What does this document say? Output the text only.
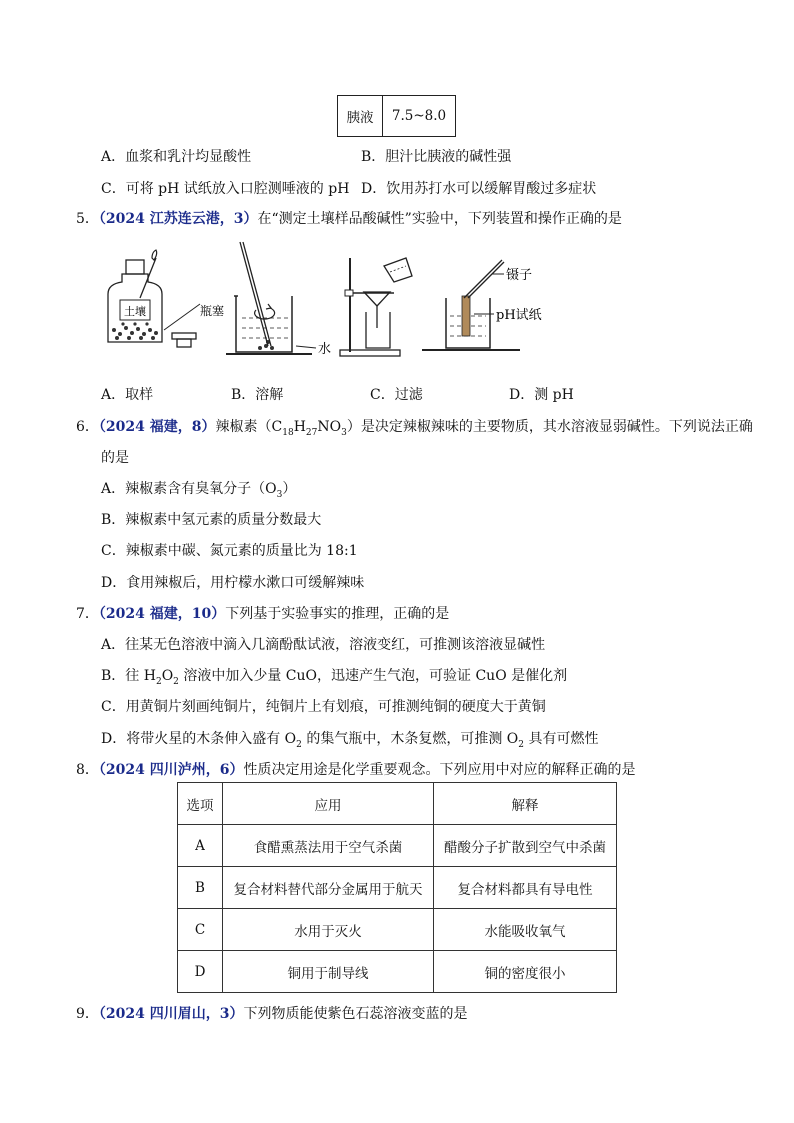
胰液	7.5~8.0
A．血浆和乳汁均显酸性	B．胆汁比胰液的碱性强
C．可将 pH 试纸放入口腔测唾液的 pH D．饮用苏打水可以缓解胃酸过多症状
5．（2024 江苏连云港，3）在“测定土壤样品酸碱性”实验中，下列装置和操作正确的是
土壤	瓶塞
水
镊子
pH试纸
A．取样	B．溶解	C．过滤	D．测 pH
6．（2024 福建，8）辣椒素$(C_{18}H_{27}NO_3)$是决定辣椒辣味的主要物质，其水溶液显弱碱性。下列说法正确
的是
A．辣椒素含有臭氧分子$(O_3)$
B．辣椒素中氢元素的质量分数最大
C．辣椒素中碳、氮元素的质量比为 18:1
D．食用辣椒后，用柠檬水漱口可缓解辣味
7．（2024 福建，10）下列基于实验事实的推理，正确的是
A．往某无色溶液中滴入几滴酚酞试液，溶液变红，可推测该溶液显碱性
B．往 $H_2O_2$ 溶液中加入少量 CuO，迅速产生气泡，可验证 CuO 是催化剂
C．用黄铜片刻画纯铜片，纯铜片上有划痕，可推测纯铜的硬度大于黄铜
D．将带火星的木条伸入盛有 $O_2$ 的集气瓶中，木条复燃，可推测 $O_2$ 具有可燃性
8．（2024 四川泸州，6）性质决定用途是化学重要观念。下列应用中对应的解释正确的是
选项	应用	解释
A	食醋熏蒸法用于空气杀菌	醋酸分子扩散到空气中杀菌
B	复合材料替代部分金属用于航天	复合材料都具有导电性
C	水用于灭火	水能吸收氧气
D	铜用于制导线	铜的密度很小
9．（2024 四川眉山，3）下列物质能使紫色石蕊溶液变蓝的是
